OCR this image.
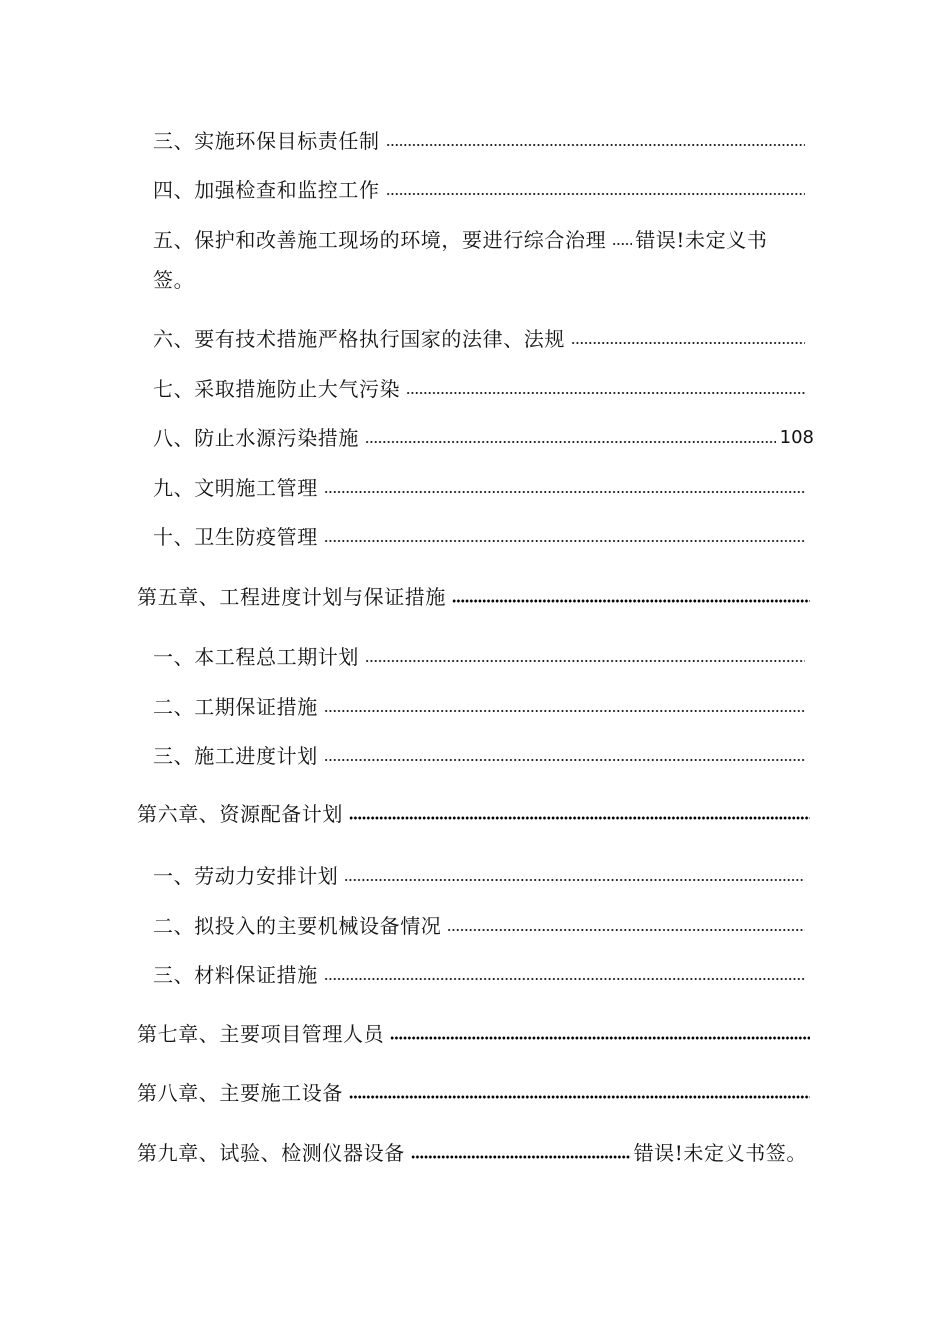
三、实施环保目标责任制
四、加强检查和监控工作
五、保护和改善施工现场的环境，要进行综合治理 错误!未定义书
签。
六、要有技术措施严格执行国家的法律、法规
七、采取措施防止大气污染
八、防止水源污染措施	108
九、文明施工管理
十、卫生防疫管理
第五章、工程进度计划与保证措施
一、本工程总工期计划
二、工期保证措施
三、施工进度计划
第六章、资源配备计划
一、劳动力安排计划
二、拟投入的主要机械设备情况
三、材料保证措施
第七章、主要项目管理人员
第八章、主要施工设备
第九章、试验、检测仪器设备	错误!未定义书签。
